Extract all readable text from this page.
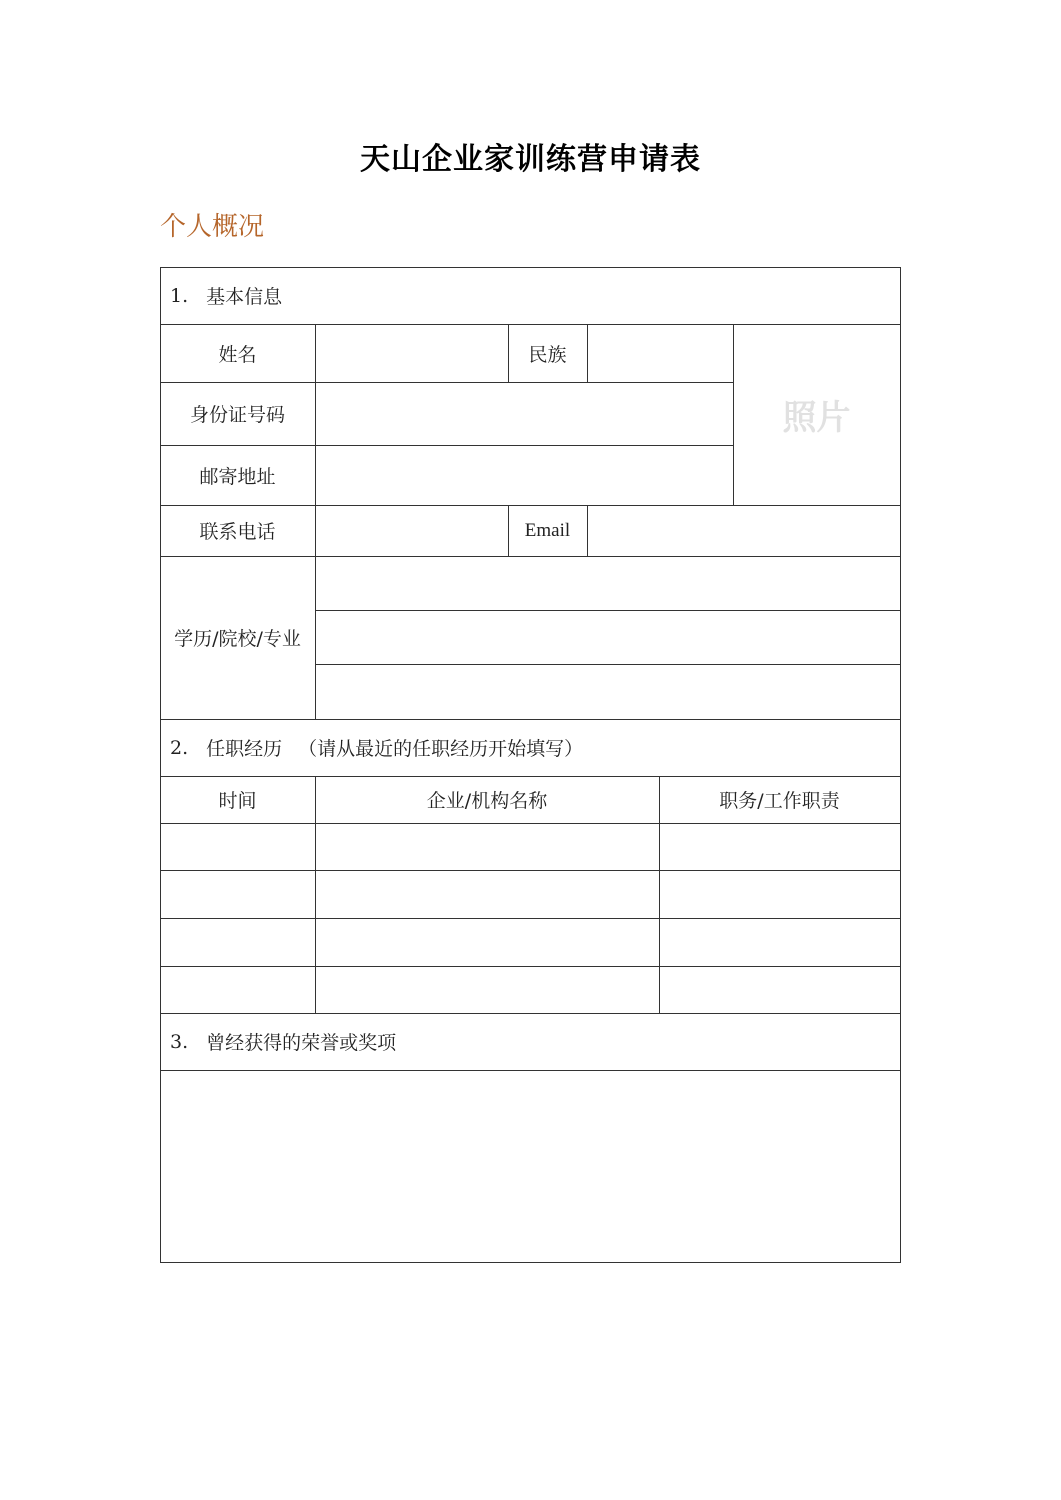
天山企业家训练营申请表
个人概况
1. 基本信息
姓名	民族
身份证号码
邮寄地址
照片
联系电话	Email
学历/院校/专业
2. 任职经历 （请从最近的任职经历开始填写）
时间	企业/机构名称	职务/工作职责
3. 曾经获得的荣誉或奖项
